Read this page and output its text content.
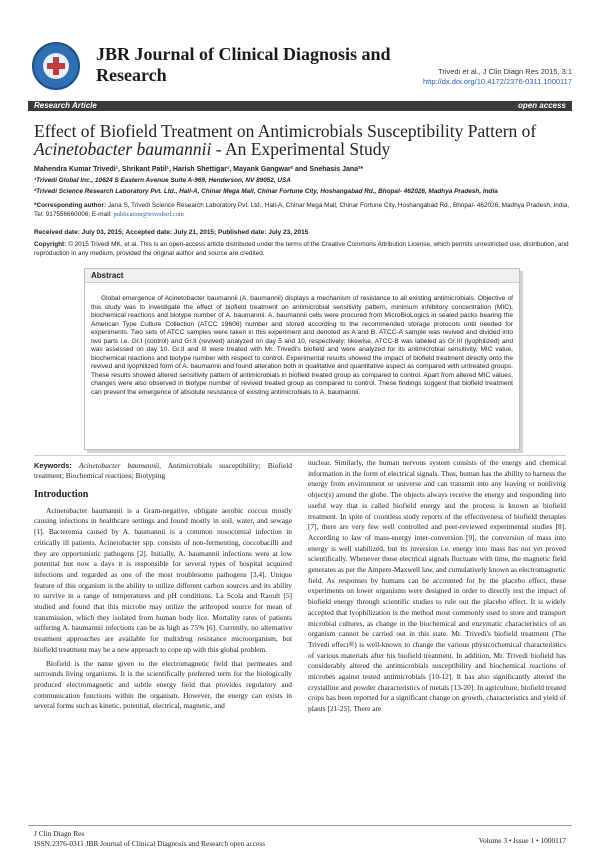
JBR Journal of Clinical Diagnosis and Research	Trivedi et al., J Clin Diagn Res 2015, 3:1
http://dx.doi.org/10.4172/2376-0311.1000117
Research Article	open access
Effect of Biofield Treatment on Antimicrobials Susceptibility Pattern of
Acinetobacter baumannii - An Experimental Study
Mahendra Kumar Trivedi¹, Shrikant Patil¹, Harish Shettigar¹, Mayank Gangwar² and Snehasis Jana²*
¹Trivedi Global Inc., 10624 S Eastern Avenue Suite A-969, Henderson, NV 89052, USA
²Trivedi Science Research Laboratory Pvt. Ltd., Hall-A, Chinar Mega Mall, Chinar Fortune City, Hoshangabad Rd., Bhopal- 462026, Madhya Pradesh, India
*Corresponding author: Jana S, Trivedi Science Research Laboratory Pvt. Ltd., Hall-A, Chinar Mega Mall, Chinar Fortune City, Hoshangabad Rd., Bhopal- 462026, Madhya Pradesh, India, Tel: 917556660006; E-mail: publication@trivedisrl.com
Received date: July 03, 2015; Accepted date: July 21, 2015; Published date: July 23, 2015
Copyright: © 2015 Trivedi MK, et al. This is an open-access article distributed under the terms of the Creative Commons Attribution License, which permits unrestricted use, distribution, and reproduction in any medium, provided the original author and source are credited.
Abstract
Global emergence of Acinetobacter baumannii (A. baumannii) displays a mechanism of resistance to all existing antimicrobials. Objective of this study was to investigate the effect of biofield treatment on antimicrobial sensitivity pattern, minimum inhibitory concentration (MIC), biochemical reactions and biotype number of A. baumannii. A. baumannii cells were procured from MicroBioLogics in sealed packs bearing the American Type Culture Collection (ATCC 19606) number and stored according to the recommended storage protocols until needed for experiments. Two sets of ATCC samples were taken in this experiment and denoted as A and B. ATCC-A sample was revived and divided into two parts i.e. Gr.I (control) and Gr.II (revived) analyzed on day 5 and 10, respectively; likewise, ATCC-B was labeled as Gr.III (lyophilized) and was assessed on day 10. Gr.II and III were treated with Mr. Trivedi's biofield and were analyzed for its antimicrobial sensitivity, MIC value, biochemical reactions and biotype number with respect to control. Experimental results showed the impact of biofield treatment directly onto the revived and lyophilized form of A. baumannii and found alteration both in qualitative and quantitative aspect as compared with untreated groups. These results showed altered sensitivity pattern of antimicrobials in biofield treated group as compared to control. Apart from altered MIC values, changes were also observed in biotype number of revived treated group as compared to control. These findings suggest that biofield treatment can prevent the emergence of absolute resistance of existing antimicrobials to A. baumannii.
Keywords: Acinetobacter baumannii, Antimicrobials susceptibility; Biofield treatment; Biochemical reactions; Biotyping
Introduction

Acinetobacter baumannii is a Gram-negative, obligate aerobic coccus mostly causing infections in healthcare settings and found mostly in soil, water, and sewage [1]. Bacteremia caused by A. baumannii is a common nosocomial infection in critically ill patients. Acinetobacter spp. consists of non-fermenting, coccobacilli and they are opportunistic pathogens [2]. Initially, A. baumannii infections were at low potential but now a days it is responsible for several types of hospital acquired infections and regarded as one of the most troublesome pathogens [3,4]. Unique feature of this organism is the ability to utilize different carbon sources and its ability to survive in a range of temperatures and pH conditions. La Scola and Raoult [5] studied and found that this microbe may utilize the arthropod source for mean of transmission, which they isolated from human body lice. Mortality rates of patients suffering A. baumannii infections can be as high as 75% [6]. Currently, no alternative treatment approaches are available for multidrug resistance microorganism, but biofield treatment may be a new approach to cope up with this global problem.

Biofield is the name given to the electromagnetic field that permeates and surrounds living organisms. It is the scientifically preferred term for the biologically produced electromagnetic and subtle energy field that provides regulatory and communication functions within the organism. However, the energy can exists in several forms such as kinetic, potential, electrical, magnetic, and

nuclear. Similarly, the human nervous system consists of the energy and chemical information in the form of electrical signals. Thus, human has the ability to harness the energy from environment or universe and can transmit into any leaving or nonliving object(s) around the globe. The objects always receive the energy and responding into useful way that is called biofield energy and the process is known as biofield treatment. In spite of countless study reports of the effectiveness of biofield therapies [7], there are very few well controlled and peer-reviewed experimental studies [8]. According to law of mass-energy inter-conversion [9], the conversion of mass into energy is well stabilized, but its inversion i.e. energy into mass has not yet proved scientifically. Whenever these electrical signals fluctuate with time, the magnetic field generates as per the Ampere-Maxwell law, and cumulatively known as electromagnetic field. As responses by humans can be accounted for by the placebo effect, these experiments on lower organisms were designed in order to directly test the impact of biofield energy through scientific studies to rule out the placebo effect. It is widely accepted that lyophilization is the method most commonly used to store and transport microbial cultures, as change in the biochemical and enzymatic characteristics of an organism cannot be carried out in this state. Mr. Trivedi's biofield treatment (The Trivedi effect®) is well-known to change the various physicochemical characteristics of various materials after his biofield treatment. In addition, Mr. Trivedi biofield has considerably altered the antimicrobials susceptibility and biochemical reactions of microbes against tested antimicrobials [10-12]. It has also significantly altered the crystalline and powder characteristics of metals [13-20]. In agriculture, biofield treated crops has been reported for a significant change on growth, characteristics and yield of plants [21-25]. There are

J Clin Diagn Res
ISSN:2376-0311 JBR Journal of Clinical Diagnosis and Research open access	Volume 3 • Issue 1 • 1000117
